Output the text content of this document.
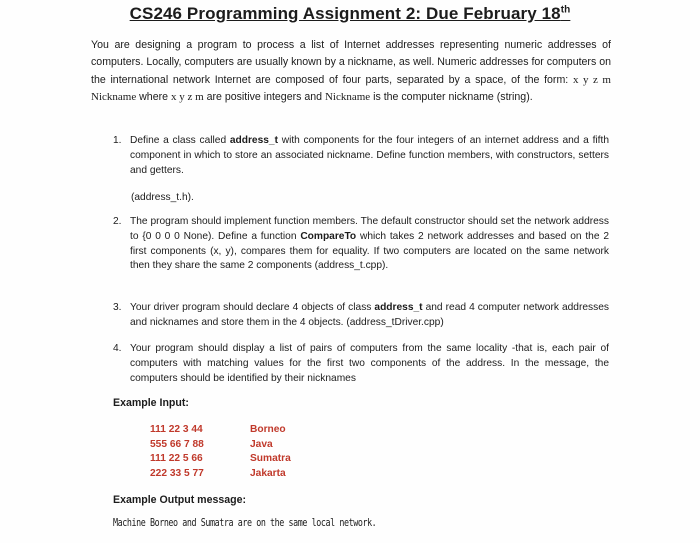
CS246 Programming Assignment 2: Due February 18th
You are designing a program to process a list of Internet addresses representing numeric addresses of computers. Locally, computers are usually known by a nickname, as well. Numeric addresses for computers on the international network Internet are composed of four parts, separated by a space, of the form: x y z m Nickname where x y z m are positive integers and Nickname is the computer nickname (string).
1. Define a class called address_t with components for the four integers of an internet address and a fifth component in which to store an associated nickname. Define function members, with constructors, setters and getters.
(address_t.h).
2. The program should implement function members. The default constructor should set the network address to {0 0 0 0 None). Define a function CompareTo which takes 2 network addresses and based on the 2 first components (x, y), compares them for equality. If two computers are located on the same network then they share the same 2 components (address_t.cpp).
3. Your driver program should declare 4 objects of class address_t and read 4 computer network addresses and nicknames and store them in the 4 objects. (address_tDriver.cpp)
4. Your program should display a list of pairs of computers from the same locality -that is, each pair of computers with matching values for the first two components of the address. In the message, the computers should be identified by their nicknames
Example Input:
111 22 3 44	Borneo
555 66 7 88	Java
111 22 5 66	Sumatra
222 33 5 77	Jakarta
Example Output message:
Machine Borneo and Sumatra are on the same local network.
